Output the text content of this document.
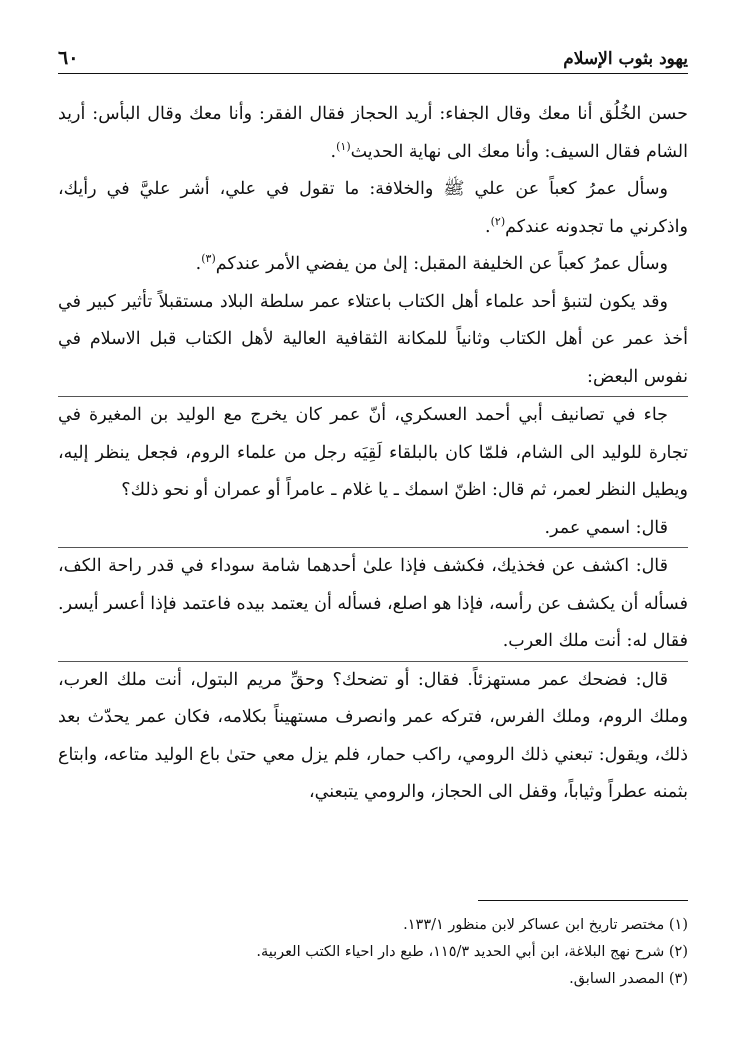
يهود بثوب الإسلام
٦٠

حسن الخُلُق أنا معك وقال الجفاء: أريد الحجاز فقال الفقر: وأنا معك وقال البأس: أريد الشام فقال السيف: وأنا معك الى نهاية الحديث$^{(١)}$.

وسأل عمرُ كعباً عن علي ﷺ والخلافة: ما تقول في علي، أشر عليَّ في رأيك، واذكرني ما تجدونه عندكم$^{(٢)}$.

وسأل عمرُ كعباً عن الخليفة المقبل: إلىٰ من يفضي الأمر عندكم$^{(٣)}$.

وقد يكون لتنبؤ أحد علماء أهل الكتاب باعتلاء عمر سلطة البلاد مستقبلاً تأثير كبير في أخذ عمر عن أهل الكتاب وثانياً للمكانة الثقافية العالية لأهل الكتاب قبل الاسلام في نفوس البعض:

جاء في تصانيف أبي أحمد العسكري، أنّ عمر كان يخرج مع الوليد بن المغيرة في تجارة للوليد الى الشام، فلمّا كان بالبلقاء لَقِيَه رجل من علماء الروم، فجعل ينظر إليه، ويطيل النظر لعمر، ثم قال: اظنّ اسمك ـ يا غلام ـ عامراً أو عمران أو نحو ذلك؟

قال: اسمي عمر.

قال: اكشف عن فخذيك، فكشف فإذا علىٰ أحدهما شامة سوداء في قدر راحة الكف، فسأله أن يكشف عن رأسه، فإذا هو اصلع، فسأله أن يعتمد بيده فاعتمد فإذا أعسر أيسر. فقال له: أنت ملك العرب.

قال: فضحك عمر مستهزئاً. فقال: أو تضحك؟ وحقِّ مريم البتول، أنت ملك العرب، وملك الروم، وملك الفرس، فتركه عمر وانصرف مستهيناً بكلامه، فكان عمر يحدّث بعد ذلك، ويقول: تبعني ذلك الرومي، راكب حمار، فلم يزل معي حتىٰ باع الوليد متاعه، وابتاع بثمنه عطراً وثياباً، وقفل الى الحجاز، والرومي يتبعني،

(١) مختصر تاريخ ابن عساكر لابن منظور ١٣٣/١.

(٢) شرح نهج البلاغة، ابن أبي الحديد ١١٥/٣، طبع دار احياء الكتب العربية.

(٣) المصدر السابق.
